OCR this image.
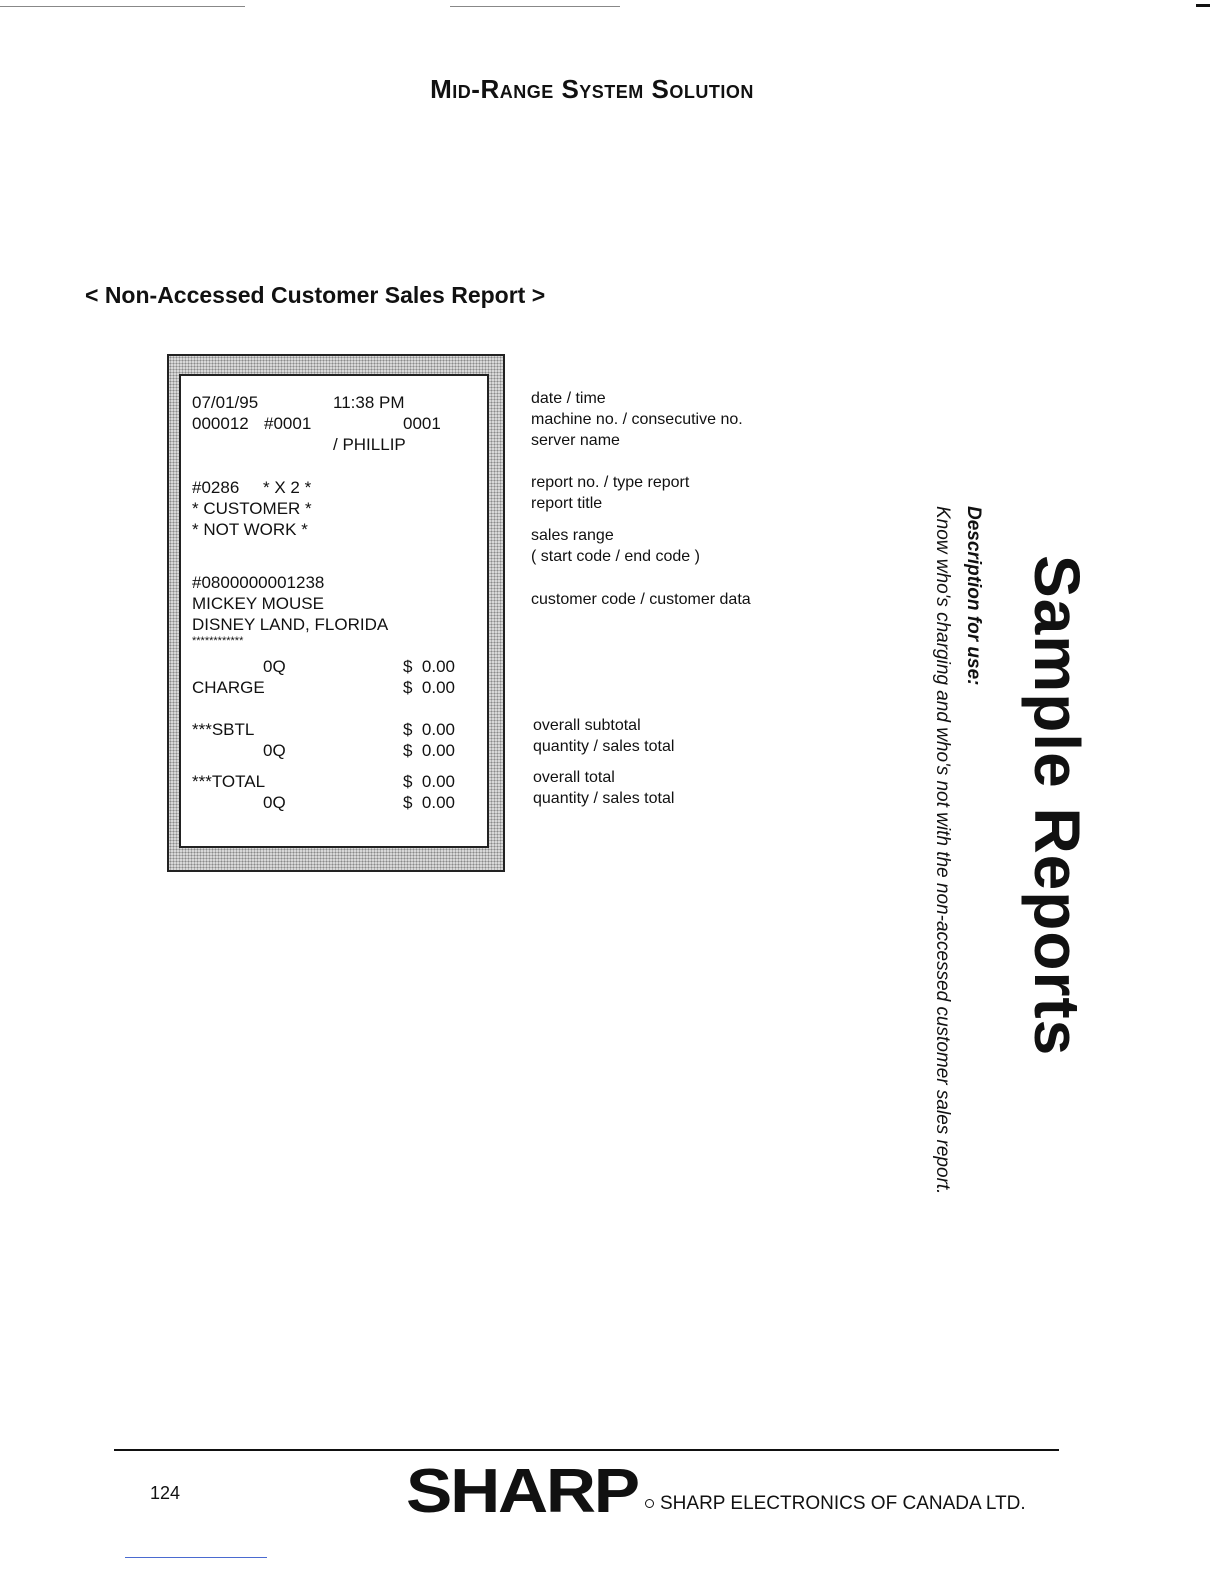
Mid-Range System Solution
< Non-Accessed Customer Sales Report >
07/01/95	11:38 PM
000012 #0001	0001
/ PHILLIP
#0286 * X 2 *
* CUSTOMER *
* NOT WORK *
#0800000001238
MICKEY MOUSE
DISNEY LAND, FLORIDA
************
0Q	$  0.00
CHARGE	$  0.00
***SBTL	$  0.00
0Q	$  0.00
***TOTAL	$  0.00
0Q	$  0.00
date / time
machine no. / consecutive no.
server name
report no. / type report
report title
sales range
( start code / end code )
customer code / customer data
overall subtotal
quantity / sales total
overall total
quantity / sales total	Sample Reports
Description for use:
Know who's charging and who's not with the non-accessed customer sales report.
124	SHARP SHARP ELECTRONICS OF CANADA LTD.
